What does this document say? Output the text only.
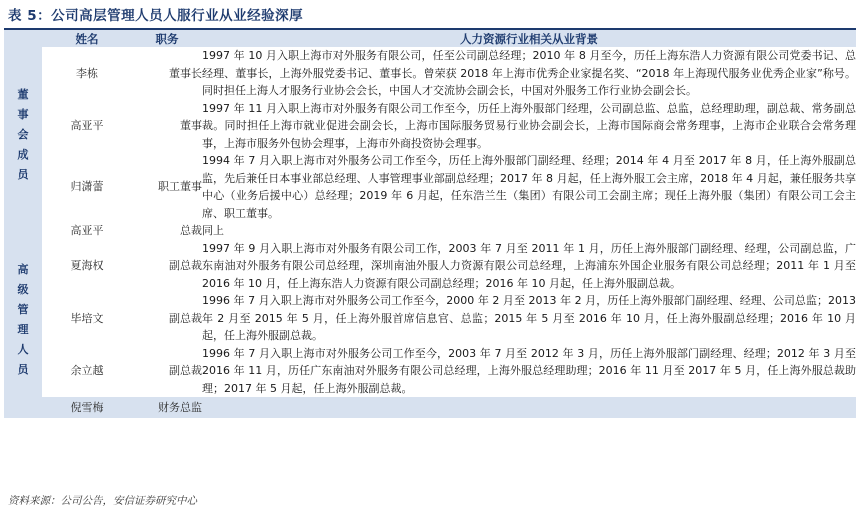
表 5：公司高层管理人员人服行业从业经验深厚
	姓名	职务	人力资源行业相关从业背景
董事会成员	李栋	董事长	1997 年 10 月入职上海市对外服务有限公司，任至公司副总经理；2010 年 8 月至今，历任上海东浩人力资源有限公司党委书记、总经理、董事长，上海外服党委书记、董事长。曾荣获 2018 年上海市优秀企业家提名奖、“2018 年上海现代服务业优秀企业家”称号。同时担任上海人才服务行业协会会长，中国人才交流协会副会长，中国对外服务工作行业协会副会长。
	高亚平	董事	1997 年 11 月入职上海市对外服务有限公司工作至今，历任上海外服部门经理，公司副总监、总监，总经理助理，副总裁、常务副总裁。同时担任上海市就业促进会副会长，上海市国际服务贸易行业协会副会长，上海市国际商会常务理事，上海市企业联合会常务理事，上海市服务外包协会理事，上海市外商投资协会理事。
	归潇蕾	职工董事	1994 年 7 月入职上海市对外服务公司工作至今，历任上海外服部门副经理、经理；2014 年 4 月至 2017 年 8 月，任上海外服副总监，先后兼任日本事业部总经理、人事管理事业部副总经理；2017 年 8 月起，任上海外服工会主席，2018 年 4 月起，兼任服务共享中心（业务后援中心）总经理；2019 年 6 月起，任东浩兰生（集团）有限公司工会副主席；现任上海外服（集团）有限公司工会主席、职工董事。
高级管理人员	高亚平	总裁	同上
	夏海权	副总裁	1997 年 9 月入职上海市对外服务有限公司工作，2003 年 7 月至 2011 年 1 月，历任上海外服部门副经理、经理，公司副总监，广东南油对外服务有限公司总经理，深圳南油外服人力资源有限公司总经理，上海浦东外国企业服务有限公司总经理；2011 年 1 月至 2016 年 10 月，任上海东浩人力资源有限公司副总经理；2016 年 10 月起，任上海外服副总裁。
	毕培文	副总裁	1996 年 7 月入职上海市对外服务公司工作至今，2000 年 2 月至 2013 年 2 月，历任上海外服部门副经理、经理、公司总监；2013 年 2 月至 2015 年 5 月，任上海外服首席信息官、总监；2015 年 5 月至 2016 年 10 月，任上海外服副总经理；2016 年 10 月起，任上海外服副总裁。
	余立越	副总裁	1996 年 7 月入职上海市对外服务公司工作至今，2003 年 7 月至 2012 年 3 月，历任上海外服部门副经理、经理；2012 年 3 月至 2016 年 11 月，历任广东南油对外服务有限公司总经理，上海外服总经理助理；2016 年 11 月至 2017 年 5 月，任上海外服总裁助理；2017 年 5 月起，任上海外服副总裁。
	倪雪梅	财务总监	
资料来源：公司公告，安信证券研究中心
